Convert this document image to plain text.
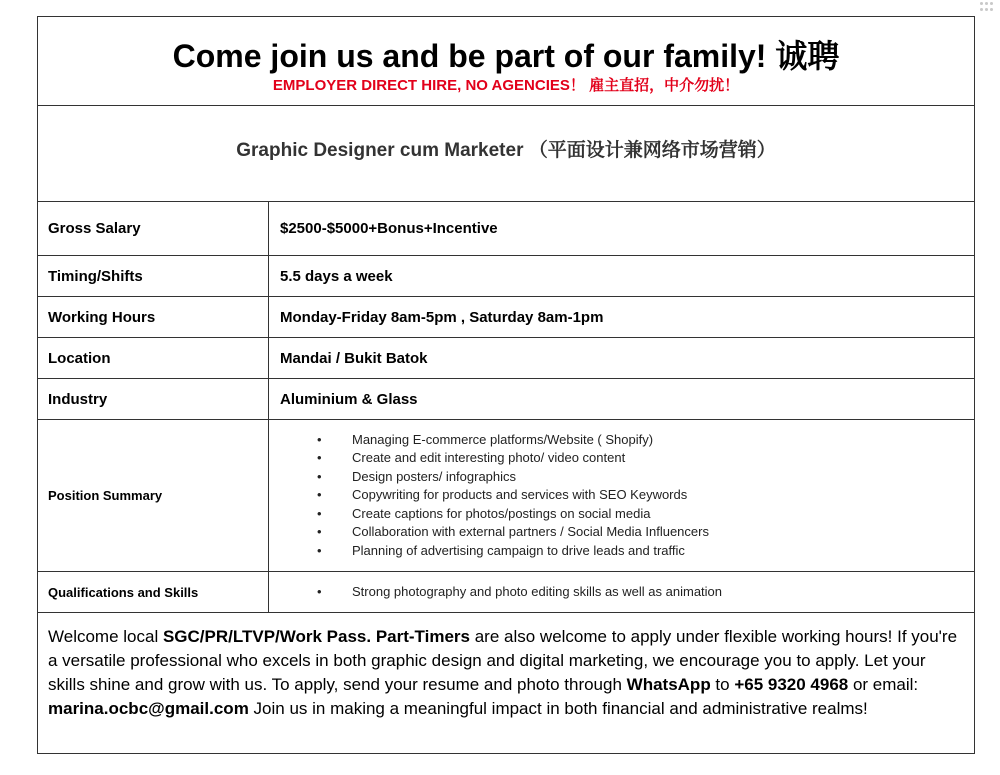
Come join us and be part of our family! 诚聘
EMPLOYER DIRECT HIRE, NO AGENCIES！ 雇主直招，中介勿扰！
Graphic Designer cum Marketer （平面设计兼网络市场营销）
Gross Salary	$2500-$5000+Bonus+Incentive
Timing/Shifts	5.5 days a week
Working Hours	Monday-Friday 8am-5pm , Saturday 8am-1pm
Location	Mandai / Bukit Batok
Industry	Aluminium & Glass
Position Summary
• Managing E-commerce platforms/Website ( Shopify)
• Create and edit interesting photo/ video content
• Design posters/ infographics
• Copywriting for products and services with SEO Keywords
• Create captions for photos/postings on social media
• Collaboration with external partners / Social Media Influencers
• Planning of advertising campaign to drive leads and traffic
Qualifications and Skills
•	Strong photography and photo editing skills as well as animation
Welcome local SGC/PR/LTVP/Work Pass. Part-Timers are also welcome to apply under flexible working hours! If you're a versatile professional who excels in both graphic design and digital marketing, we encourage you to apply. Let your skills shine and grow with us. To apply, send your resume and photo through WhatsApp to +65 9320 4968 or email: marina.ocbc@gmail.com Join us in making a meaningful impact in both financial and administrative realms!
